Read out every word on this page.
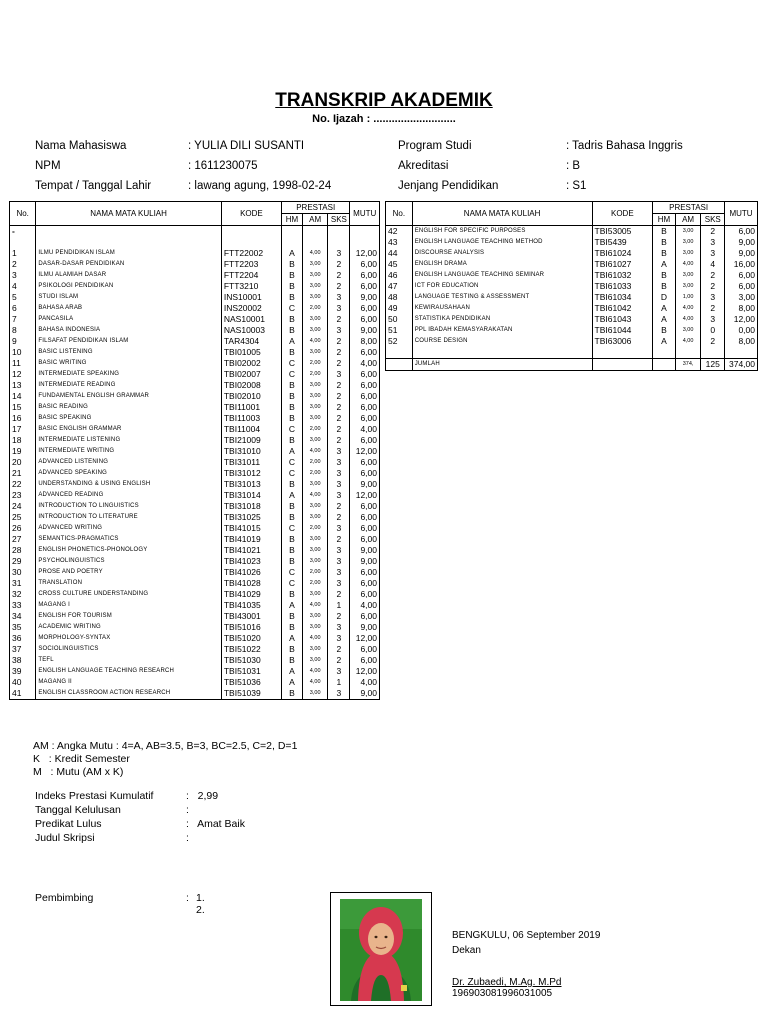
TRANSKRIP AKADEMIK
No. Ijazah : ...........................
Nama Mahasiswa	: YULIA DILI SUSANTI
NPM	: 1611230075
Tempat / Tanggal Lahir	: lawang agung, 1998-02-24
Program Studi	: Tadris Bahasa Inggris
Akreditasi	: B
Jenjang Pendidikan	: S1
No.	NAMA MATA KULIAH	KODE	PRESTASI			MUTU
			HM	AM	SKS	
-						

1	ILMU PENDIDIKAN ISLAM	FTT22002	A	4,00	3	12,00
2	DASAR-DASAR PENDIDIKAN	FTT2203	B	3,00	2	6,00
3	ILMU ALAMIAH DASAR	FTT2204	B	3,00	2	6,00
4	PSIKOLOGI PENDIDIKAN	FTT3210	B	3,00	2	6,00
5	STUDI ISLAM	INS10001	B	3,00	3	9,00
6	BAHASA ARAB	INS20002	C	2,00	3	6,00
7	PANCASILA	NAS10001	B	3,00	2	6,00
8	BAHASA INDONESIA	NAS10003	B	3,00	3	9,00
9	FILSAFAT PENDIDIKAN ISLAM	TAR4304	A	4,00	2	8,00
10	BASIC LISTENING	TBI01005	B	3,00	2	6,00
11	BASIC WRITING	TBI02002	C	2,00	2	4,00
12	INTERMEDIATE SPEAKING	TBI02007	C	2,00	3	6,00
13	INTERMEDIATE READING	TBI02008	B	3,00	2	6,00
14	FUNDAMENTAL ENGLISH GRAMMAR	TBI02010	B	3,00	2	6,00
15	BASIC READING	TBI11001	B	3,00	2	6,00
16	BASIC SPEAKING	TBI11003	B	3,00	2	6,00
17	BASIC ENGLISH GRAMMAR	TBI11004	C	2,00	2	4,00
18	INTERMEDIATE LISTENING	TBI21009	B	3,00	2	6,00
19	INTERMEDIATE WRITING	TBI31010	A	4,00	3	12,00
20	ADVANCED LISTENING	TBI31011	C	2,00	3	6,00
21	ADVANCED SPEAKING	TBI31012	C	2,00	3	6,00
22	UNDERSTANDING & USING ENGLISH	TBI31013	B	3,00	3	9,00
23	ADVANCED READING	TBI31014	A	4,00	3	12,00
24	INTRODUCTION TO LINGUISTICS	TBI31018	B	3,00	2	6,00
25	INTRODUCTION TO LITERATURE	TBI31025	B	3,00	2	6,00
26	ADVANCED WRITING	TBI41015	C	2,00	3	6,00
27	SEMANTICS-PRAGMATICS	TBI41019	B	3,00	2	6,00
28	ENGLISH PHONETICS-PHONOLOGY	TBI41021	B	3,00	3	9,00
29	PSYCHOLINGUISTICS	TBI41023	B	3,00	3	9,00
30	PROSE AND POETRY	TBI41026	C	2,00	3	6,00
31	TRANSLATION	TBI41028	C	2,00	3	6,00
32	CROSS CULTURE UNDERSTANDING	TBI41029	B	3,00	2	6,00
33	MAGANG I	TBI41035	A	4,00	1	4,00
34	ENGLISH FOR TOURISM	TBI43001	B	3,00	2	6,00
35	ACADEMIC WRITING	TBI51016	B	3,00	3	9,00
36	MORPHOLOGY-SYNTAX	TBI51020	A	4,00	3	12,00
37	SOCIOLINGUISTICS	TBI51022	B	3,00	2	6,00
38	TEFL	TBI51030	B	3,00	2	6,00
39	ENGLISH LANGUAGE TEACHING RESEARCH	TBI51031	A	4,00	3	12,00
40	MAGANG II	TBI51036	A	4,00	1	4,00
41	ENGLISH CLASSROOM ACTION RESEARCH	TBI51039	B	3,00	3	9,00
No.	NAMA MATA KULIAH	KODE	PRESTASI			MUTU
			HM	AM	SKS	
42	ENGLISH FOR SPECIFIC PURPOSES	TBI53005	B	3,00	2	6,00
43	ENGLISH LANGUAGE TEACHING METHOD	TBI5439	B	3,00	3	9,00
44	DISCOURSE ANALYSIS	TBI61024	B	3,00	3	9,00
45	ENGLISH DRAMA	TBI61027	A	4,00	4	16,00
46	ENGLISH LANGUAGE TEACHING SEMINAR	TBI61032	B	3,00	2	6,00
47	ICT FOR EDUCATION	TBI61033	B	3,00	2	6,00
48	LANGUAGE TESTING & ASSESSMENT	TBI61034	D	1,00	3	3,00
49	KEWIRAUSAHAAN	TBI61042	A	4,00	2	8,00
50	STATISTIKA PENDIDIKAN	TBI61043	A	4,00	3	12,00
51	PPL IBADAH KEMASYARAKATAN	TBI61044	B	3,00	0	0,00
52	COURSE DESIGN	TBI63006	A	4,00	2	8,00

	JUMLAH			374,	125	374,00
AM : Angka Mutu : 4=A, AB=3.5, B=3, BC=2.5, C=2, D=1
K   : Kredit Semester
M   : Mutu (AM x K)
Indeks Prestasi Kumulatif	:   2,99
Tanggal Kelulusan	:
Predikat Lulus	:   Amat Baik
Judul Skripsi	:
Pembimbing	: 1.
2.
BENGKULU, 06 September 2019
Dekan
Dr. Zubaedi, M.Ag. M.Pd
196903081996031005
